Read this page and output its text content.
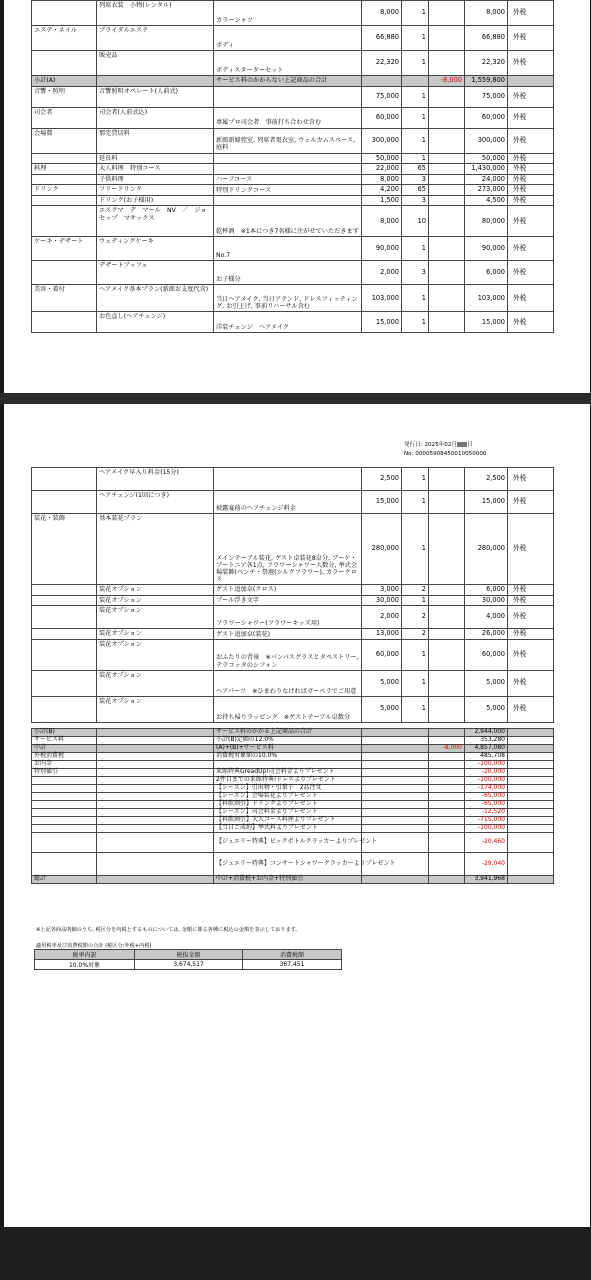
	列席衣装　小物(レンタル)	カラーシャツ	8,000	1		8,000	外税
エステ・ネイル	ブライダルエステ	ボディ	66,880	1		66,880	外税
	販売品	ボディスターターセット	22,320	1		22,320	外税
小計(A)		サービス料のかからない上記商品の合計			-8,000	1,559,800	
音響・照明	音響照明オペレート(人前式)		75,000	1		75,000	外税
司会者	司会者(人前式込)	専属プロ司会者　事前打ち合わせ含む	60,000	1		60,000	外税
会場費	那宅貸切料	新郎新婦控室, 列席者更衣室, ウェルカムスペース, 庭料	300,000	1		300,000	外税
	延長料		50,000	1		50,000	外税
料理	大人料理　特別コース		22,000	65		1,430,000	外税
	子供料理	ハーフコース	8,000	3		24,000	外税
ドリンク	フリードリンク	特別ドリンクコース	4,200	65		273,000	外税
	ドリンク(お子様用)		1,500	3		4,500	外税
	エスクマ　デ　マール　NV　／　ジョセップ　マサックス	乾杯酒　※1本につき7名様に注がせていただきます	8,000	10		80,000	外税
ケーキ・デザート	ウェディングケーキ	No.7	90,000	1		90,000	外税
	デザートブッフェ	お子様分	2,000	3		6,000	外税
美容・着付	ヘアメイク基本プラン(新郎お支度代含)	当日ヘアメイク, 当日アテンド, ドレスフィッティング, お引上げ, 事前リハーサル含む	103,000	1		103,000	外税
	お色直し(ヘアチェンジ)	洋装チェンジ　ヘアメイク	15,000	1		15,000	外税
発行日: 2025年02月 日
No: 00005908450010050000
	ヘアメイク早入り料金(15分)		2,500	1		2,500	外税
	ヘアチェンジ(1回につき)	披露宴前のヘアチェンジ料金	15,000	1		15,000	外税
装花・装飾	基本装花プラン	メインテーブル装花, ゲスト卓装花8卓分, ブーケ・ブートニア各1点, フラワーシャワー人数分, 挙式会場装飾(ベンチ・祭壇(シルクフラワー), カラークロス	280,000	1		280,000	外税
	装花オプション	ゲスト追加卓(クロス)	3,000	2		6,000	外税
	装花オプション	プール浮き文字	30,000	1		30,000	外税
	装花オプション	フラワーシャワー(フラワーキッズ用)	2,000	2		4,000	外税
	装花オプション	ゲスト追加卓(装花)	13,000	2		26,000	外税
	装花オプション	おふたりの背景　※パンパスグラスとタペストリー, テラコッタのシフォン	60,000	1		60,000	外税
	装花オプション	ヘアパーツ　※ひまわりなければガーベラでご用意	5,000	1		5,000	外税
	装花オプション	お持ち帰りラッピング　※ゲストテーブル卓数分	5,000	1		5,000	外税
小計(B)		サービス料のかかる上記商品の合計			2,944,000	
サービス料		小計(B)定価の12.0%			353,280	
中計		(A)+(B)+サービス料		-8,000	4,857,080	
外税消費税		消費税対象額の10.0%			485,708	
お内金					-100,000	
特別値引		来館特典GreadUp!司会料金よりプレゼント			-20,000	
		2件目までの来館特典!ドレスよりプレゼント			-100,000	
		【シーズン】引出物・引菓子　2品注文			-174,000	
		【シーズン】会場装花よりプレゼント			-65,000	
		【料飲割引】ドリンクよりプレゼント			-65,000	
		【シーズン】司会料金よりプレゼント			-12,520	
		【料飲割引】大人コース料理よりプレゼント			-715,000	
		【当日ご成約】挙式料よりプレゼント			-100,000	
		【ジュエリー特典】ビックボトルクラッカーよりプレゼント			-20,460	
		【ジュエリー特典】コンサートシャワークラッカーよりプレゼント			-29,040	
総計		中計+消費税+お内金+特別値引			3,941,968	
※上記各商品明細のうち, 税区分を内税とするものについては, 金額に係る各種に税込の金額を表示しております。
適用税率及び消費税額の合計 (税区分:外税+内税)
税率内訳	税抜金額	消費税額
10.0%対象	3,674,517	367,451
